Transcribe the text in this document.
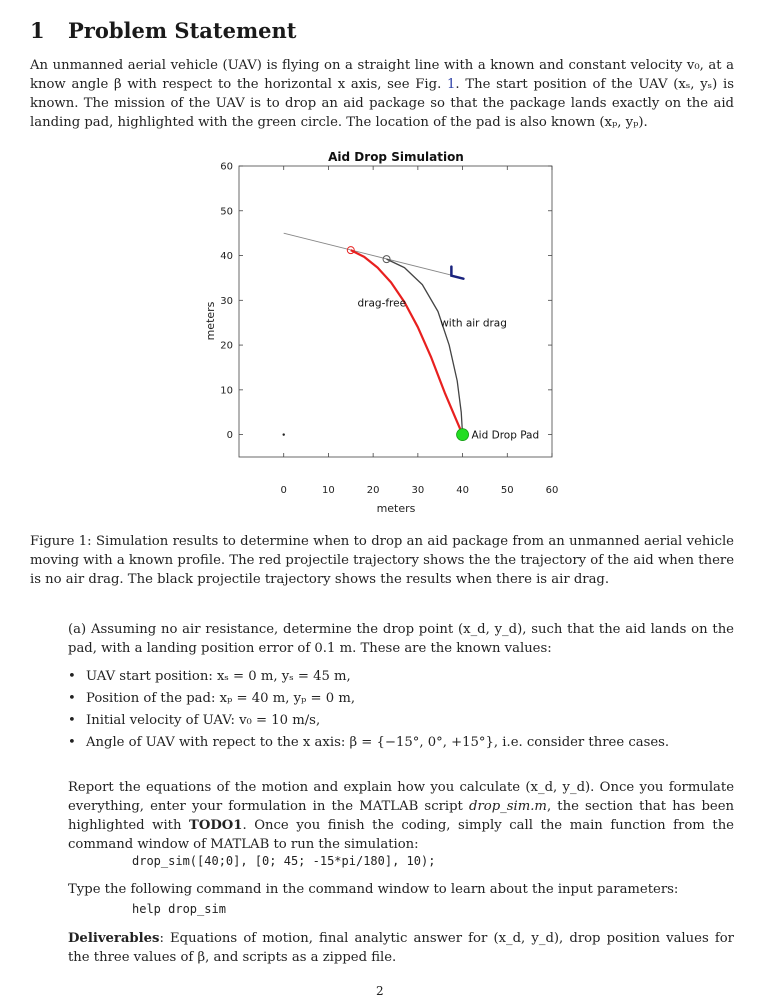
1 Problem Statement
An unmanned aerial vehicle (UAV) is flying on a straight line with a known and constant velocity v₀, at a know angle β with respect to the horizontal x axis, see Fig. 1. The start position of the UAV (xₛ, yₛ) is known. The mission of the UAV is to drop an aid package so that the package lands exactly on the aid landing pad, highlighted with the green circle. The location of the pad is also known (xₚ, yₚ).
Aid Drop Simulation
0
10
20
30
40
50
60
0	10	20	30	40	50	60
meters
meters	drag-free
with air drag
Aid Drop Pad
Figure 1: Simulation results to determine when to drop an aid package from an unmanned aerial vehicle moving with a known profile. The red projectile trajectory shows the the trajectory of the aid when there is no air drag. The black projectile trajectory shows the results when there is air drag.
(a) Assuming no air resistance, determine the drop point (x_d, y_d), such that the aid lands on the pad, with a landing position error of 0.1 m. These are the known values:
• UAV start position: xₛ = 0 m, yₛ = 45 m,
• Position of the pad: xₚ = 40 m, yₚ = 0 m,
• Initial velocity of UAV: v₀ = 10 m/s,
• Angle of UAV with repect to the x axis: β = {−15°, 0°, +15°}, i.e. consider three cases.
Report the equations of the motion and explain how you calculate (x_d, y_d). Once you formulate everything, enter your formulation in the MATLAB script drop_sim.m, the section that has been highlighted with TODO1. Once you finish the coding, simply call the main function from the command window of MATLAB to run the simulation:
drop_sim([40;0], [0; 45; -15*pi/180], 10);
Type the following command in the command window to learn about the input parameters:
help drop_sim
Deliverables: Equations of motion, final analytic answer for (x_d, y_d), drop position values for the three values of β, and scripts as a zipped file.
2
